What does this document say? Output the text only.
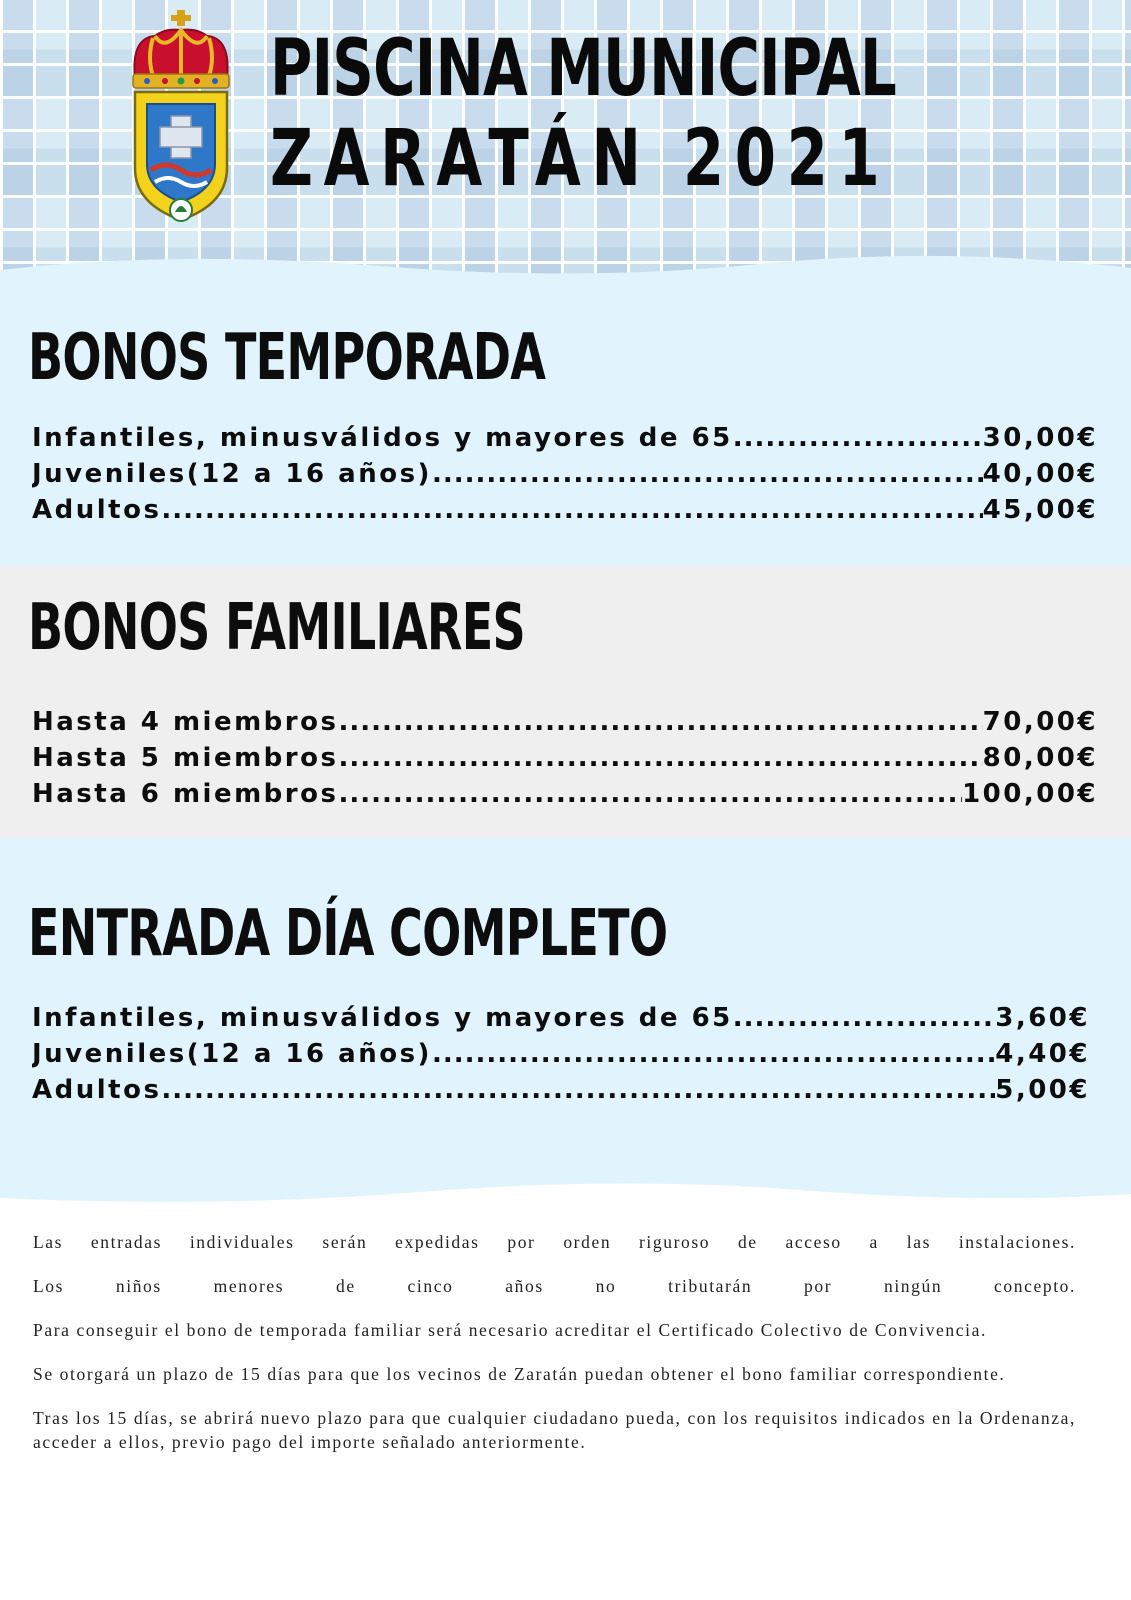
PISCINA MUNICIPAL
ZARATÁN 2021
BONOS TEMPORADA
Infantiles, minusválidos y mayores de 65 .....	30,00€
Juveniles(12 a 16 años) .....	40,00€
Adultos .....	45,00€
BONOS FAMILIARES
Hasta 4 miembros .....	70,00€
Hasta 5 miembros .....	80,00€
Hasta 6 miembros .....	100,00€
ENTRADA DÍA COMPLETO
Infantiles, minusválidos y mayores de 65 .....	3,60€
Juveniles(12 a 16 años) .....	4,40€
Adultos .....	5,00€

Las entradas individuales serán expedidas por orden riguroso de acceso a las instalaciones.

Los niños menores de cinco años no tributarán por ningún concepto.

Para conseguir el bono de temporada familiar será necesario acreditar el Certificado Colectivo de Convivencia.

Se otorgará un plazo de 15 días para que los vecinos de Zaratán puedan obtener el bono familiar correspondiente.

Tras los 15 días, se abrirá nuevo plazo para que cualquier ciudadano pueda, con los requisitos indicados en la Ordenanza, acceder a ellos, previo pago del importe señalado anteriormente.
